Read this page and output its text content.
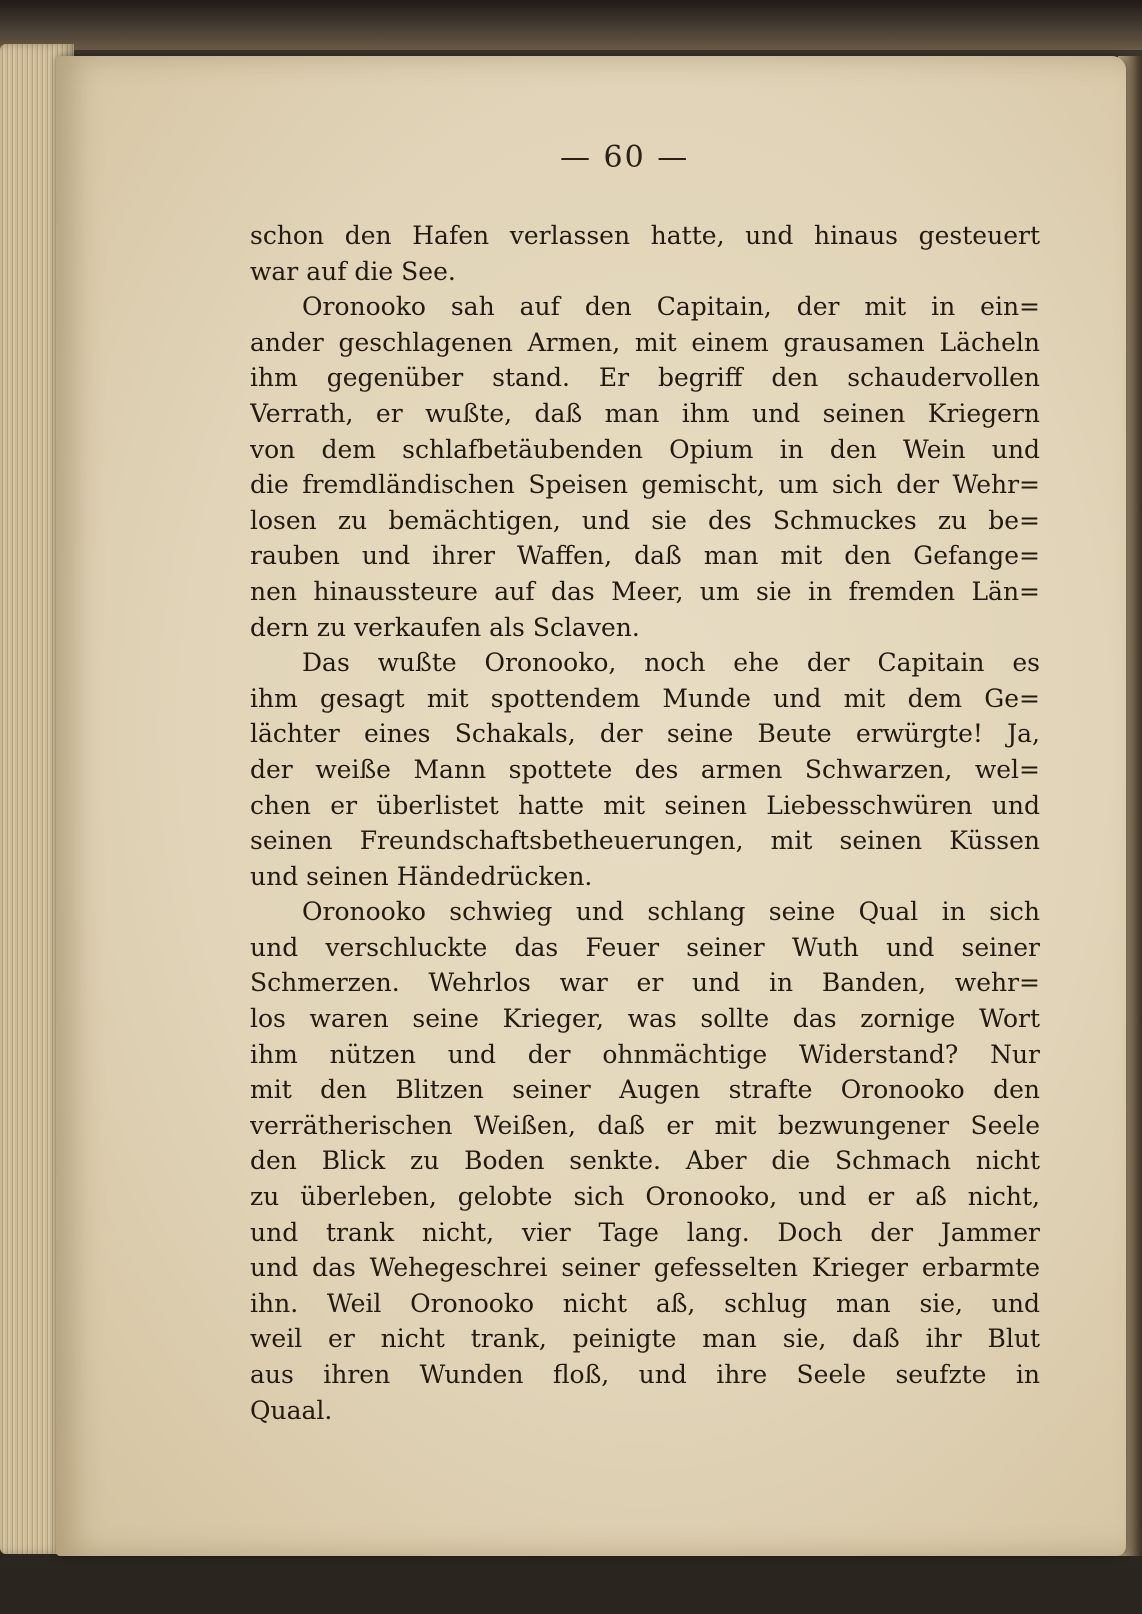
— 60 —

schon den Hafen verlassen hatte, und hinaus gesteuert
war auf die See.

Oronooko sah auf den Capitain, der mit in ein=
ander geschlagenen Armen, mit einem grausamen Lächeln
ihm gegenüber stand. Er begriff den schaudervollen
Verrath, er wußte, daß man ihm und seinen Kriegern
von dem schlafbetäubenden Opium in den Wein und
die fremdländischen Speisen gemischt, um sich der Wehr=
losen zu bemächtigen, und sie des Schmuckes zu be=
rauben und ihrer Waffen, daß man mit den Gefange=
nen hinaussteure auf das Meer, um sie in fremden Län=
dern zu verkaufen als Sclaven.

Das wußte Oronooko, noch ehe der Capitain es
ihm gesagt mit spottendem Munde und mit dem Ge=
lächter eines Schakals, der seine Beute erwürgte! Ja,
der weiße Mann spottete des armen Schwarzen, wel=
chen er überlistet hatte mit seinen Liebesschwüren und
seinen Freundschaftsbetheuerungen, mit seinen Küssen
und seinen Händedrücken.

Oronooko schwieg und schlang seine Qual in sich
und verschluckte das Feuer seiner Wuth und seiner
Schmerzen. Wehrlos war er und in Banden, wehr=
los waren seine Krieger, was sollte das zornige Wort
ihm nützen und der ohnmächtige Widerstand? Nur
mit den Blitzen seiner Augen strafte Oronooko den
verrätherischen Weißen, daß er mit bezwungener Seele
den Blick zu Boden senkte. Aber die Schmach nicht
zu überleben, gelobte sich Oronooko, und er aß nicht,
und trank nicht, vier Tage lang. Doch der Jammer
und das Wehegeschrei seiner gefesselten Krieger erbarmte
ihn. Weil Oronooko nicht aß, schlug man sie, und
weil er nicht trank, peinigte man sie, daß ihr Blut
aus ihren Wunden floß, und ihre Seele seufzte in
Quaal.
